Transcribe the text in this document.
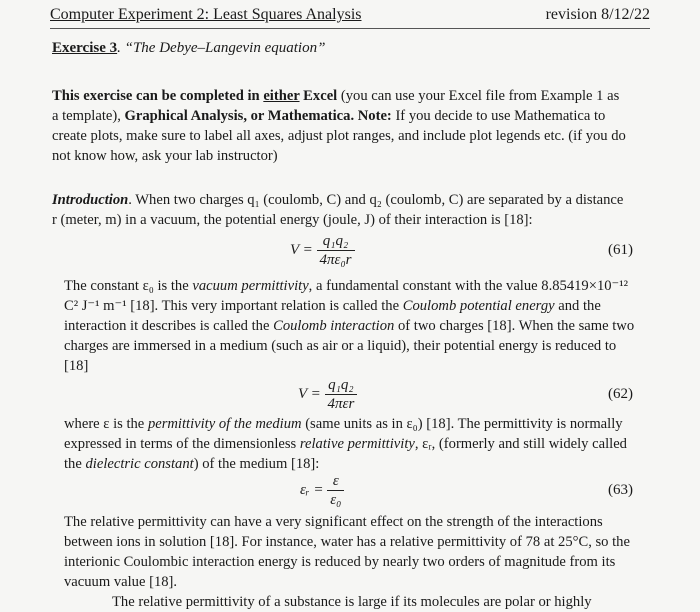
Computer Experiment 2: Least Squares Analysis	revision 8/12/22
Exercise 3. “The Debye–Langevin equation”
This exercise can be completed in either Excel (you can use your Excel file from Example 1 as
a template), Graphical Analysis, or Mathematica. Note: If you decide to use Mathematica to
create plots, make sure to label all axes, adjust plot ranges, and include plot legends etc. (if you do
not know how, ask your lab instructor)
Introduction. When two charges q₁ (coulomb, C) and q₂ (coulomb, C) are separated by a distance
r (meter, m) in a vacuum, the potential energy (joule, J) of their interaction is [18]:
$V = \frac{\text{q₁q₂}}{\text{4πε₀r}}$	(61)
The constant ε₀ is the vacuum permittivity, a fundamental constant with the value 8.85419×10⁻¹²
C² J⁻¹ m⁻¹ [18]. This very important relation is called the Coulomb potential energy and the
interaction it describes is called the Coulomb interaction of two charges [18]. When the same two
charges are immersed in a medium (such as air or a liquid), their potential energy is reduced to
[18]
$V = \frac{\text{q₁q₂}}{\text{4πεr}}$	(62)
where ε is the permittivity of the medium (same units as in ε₀) [18]. The permittivity is normally
expressed in terms of the dimensionless relative permittivity, εᵣ, (formerly and still widely called
the dielectric constant) of the medium [18]:
εᵣ = $\frac{\varepsilon}{\text{ε₀}}$	(63)
The relative permittivity can have a very significant effect on the strength of the interactions
between ions in solution [18]. For instance, water has a relative permittivity of 78 at 25°C, so the
interionic Coulombic interaction energy is reduced by nearly two orders of magnitude from its
vacuum value [18].
The relative permittivity of a substance is large if its molecules are polar or highly
